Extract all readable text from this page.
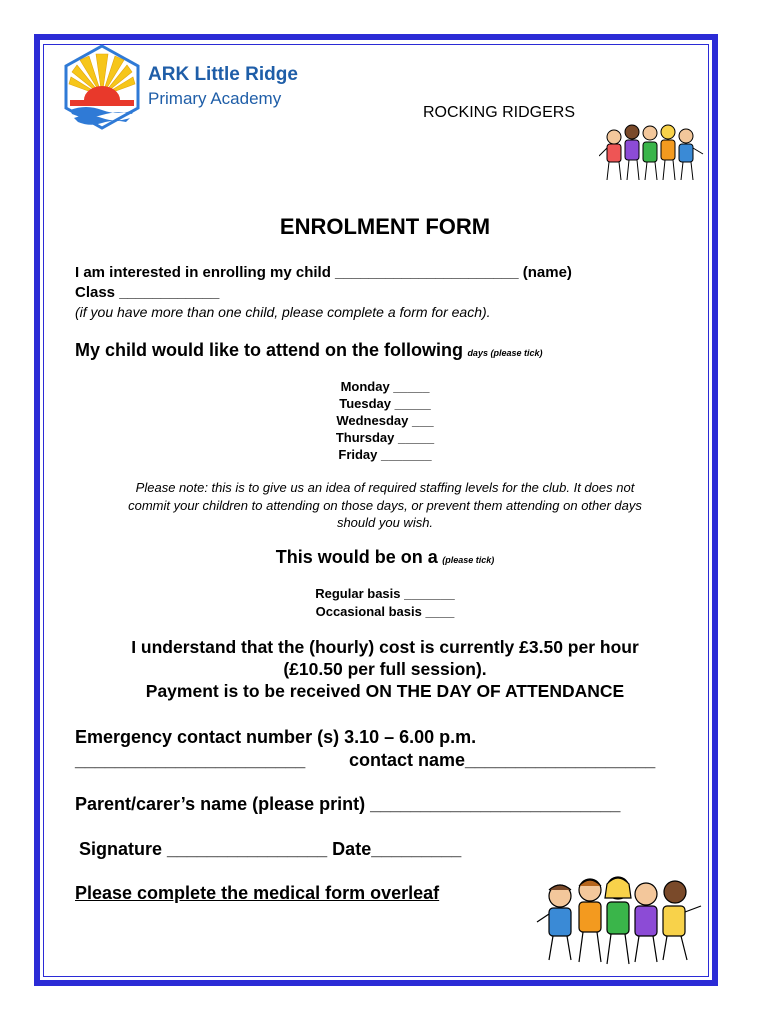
ARK Little Ridge
Primary Academy
ROCKING RIDGERS
ENROLMENT FORM
I am interested in enrolling my child ______________________ (name)
Class ____________
(if you have more than one child, please complete a form for each).
My child would like to attend on the following days (please tick)
Monday _____
Tuesday _____
Wednesday ___
Thursday _____
Friday _______
Please note: this is to give us an idea of required staffing levels for the club. It does not
commit your children to attending on those days, or prevent them attending on other days
should you wish.
This would be on a (please tick)
Regular basis _______
Occasional basis ____
I understand that the (hourly) cost is currently £3.50 per hour
(£10.50 per full session).
Payment is to be received ON THE DAY OF ATTENDANCE
Emergency contact number (s) 3.10 – 6.00 p.m.
_______________________ contact name___________________
Parent/carer’s name (please print) _________________________
Signature ________________ Date_________
Please complete the medical form overleaf
